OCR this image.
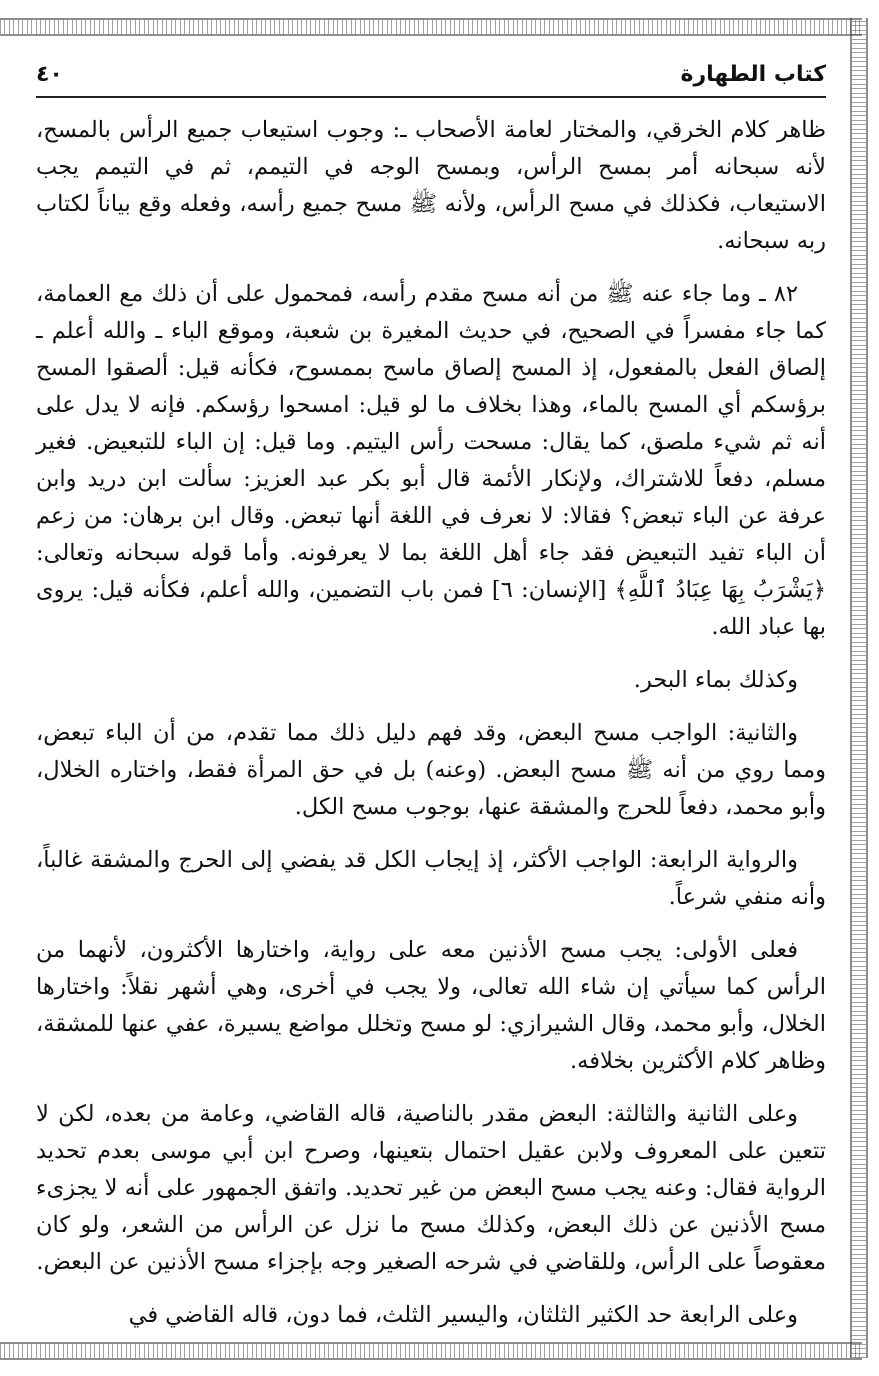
كتاب الطهارة
٤٠

ظاهر كلام الخرقي، والمختار لعامة الأصحاب ـ: وجوب استيعاب جميع الرأس بالمسح، لأنه سبحانه أمر بمسح الرأس، وبمسح الوجه في التيمم، ثم في التيمم يجب الاستيعاب، فكذلك في مسح الرأس، ولأنه ﷺ مسح جميع رأسه، وفعله وقع بياناً لكتاب ربه سبحانه.

٨٢ ـ وما جاء عنه ﷺ من أنه مسح مقدم رأسه، فمحمول على أن ذلك مع العمامة، كما جاء مفسراً في الصحيح، في حديث المغيرة بن شعبة، وموقع الباء ـ والله أعلم ـ إلصاق الفعل بالمفعول، إذ المسح إلصاق ماسح بممسوح، فكأنه قيل: ألصقوا المسح برؤسكم أي المسح بالماء، وهذا بخلاف ما لو قيل: امسحوا رؤسكم. فإنه لا يدل على أنه ثم شيء ملصق، كما يقال: مسحت رأس اليتيم. وما قيل: إن الباء للتبعيض. فغير مسلم، دفعاً للاشتراك، ولإنكار الأئمة قال أبو بكر عبد العزيز: سألت ابن دريد وابن عرفة عن الباء تبعض؟ فقالا: لا نعرف في اللغة أنها تبعض. وقال ابن برهان: من زعم أن الباء تفيد التبعيض فقد جاء أهل اللغة بما لا يعرفونه. وأما قوله سبحانه وتعالى: ﴿يَشْرَبُ بِهَا عِبَادُ ٱللَّهِ﴾ [الإنسان: ٦] فمن باب التضمين، والله أعلم، فكأنه قيل: يروى بها عباد الله.

وكذلك بماء البحر.

والثانية: الواجب مسح البعض، وقد فهم دليل ذلك مما تقدم، من أن الباء تبعض، ومما روي من أنه ﷺ مسح البعض. (وعنه) بل في حق المرأة فقط، واختاره الخلال، وأبو محمد، دفعاً للحرج والمشقة عنها، بوجوب مسح الكل.

والرواية الرابعة: الواجب الأكثر، إذ إيجاب الكل قد يفضي إلى الحرج والمشقة غالباً، وأنه منفي شرعاً.

فعلى الأولى: يجب مسح الأذنين معه على رواية، واختارها الأكثرون، لأنهما من الرأس كما سيأتي إن شاء الله تعالى، ولا يجب في أخرى، وهي أشهر نقلاً: واختارها الخلال، وأبو محمد، وقال الشيرازي: لو مسح وتخلل مواضع يسيرة، عفي عنها للمشقة، وظاهر كلام الأكثرين بخلافه.

وعلى الثانية والثالثة: البعض مقدر بالناصية، قاله القاضي، وعامة من بعده، لكن لا تتعين على المعروف ولابن عقيل احتمال بتعينها، وصرح ابن أبي موسى بعدم تحديد الرواية فقال: وعنه يجب مسح البعض من غير تحديد. واتفق الجمهور على أنه لا يجزىء مسح الأذنين عن ذلك البعض، وكذلك مسح ما نزل عن الرأس من الشعر، ولو كان معقوصاً على الرأس، وللقاضي في شرحه الصغير وجه بإجزاء مسح الأذنين عن البعض.

وعلى الرابعة حد الكثير الثلثان، واليسير الثلث، فما دون، قاله القاضي في
